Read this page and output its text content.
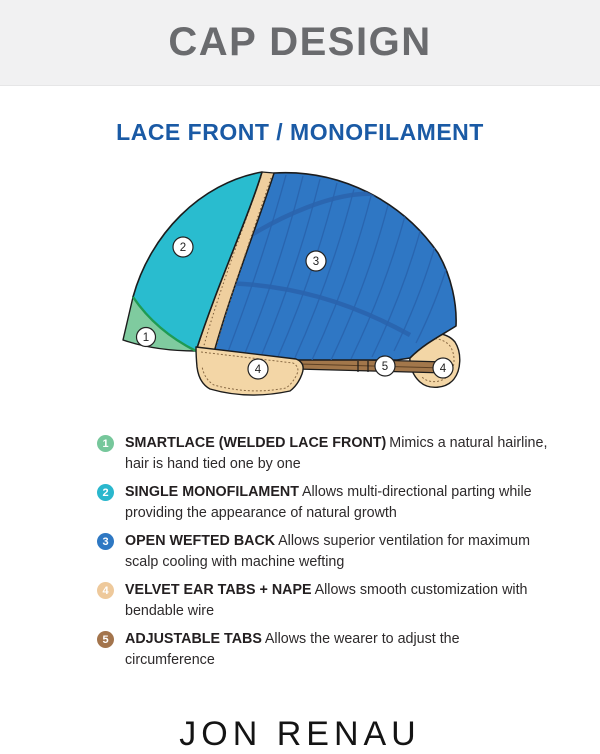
CAP DESIGN
LACE FRONT / MONOFILAMENT
1
2
3
4	5	4
1	SMARTLACE (WELDED LACE FRONT) Mimics a natural hairline, hair is hand tied one by one

2	SINGLE MONOFILAMENT Allows multi-directional parting while providing the appearance of natural growth

3	OPEN WEFTED BACK Allows superior ventilation for maximum scalp cooling with machine wefting

4	VELVET EAR TABS + NAPE Allows smooth customization with bendable wire

5	ADJUSTABLE TABS Allows the wearer to adjust the circumference

JON RENAU
